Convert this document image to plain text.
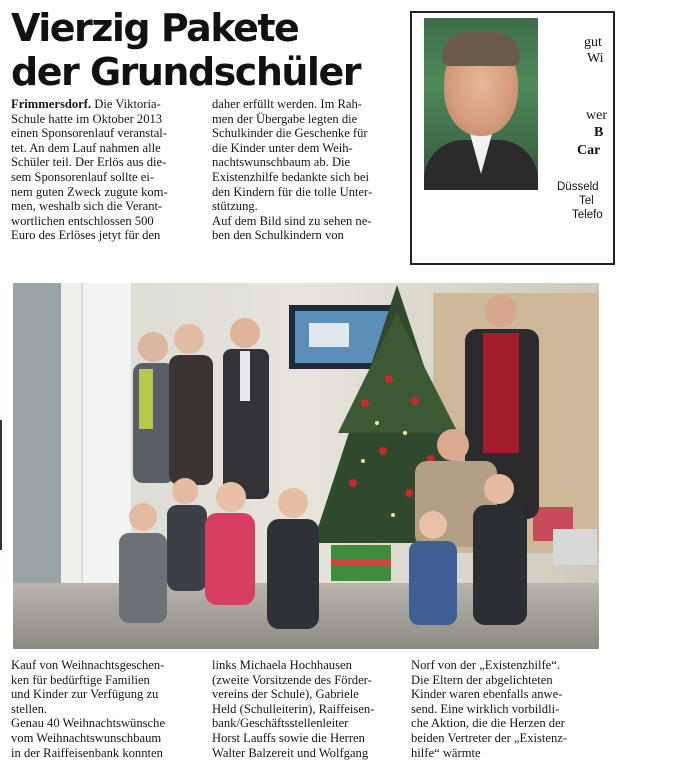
Vierzig Pakete
der Grundschüler
Frimmersdorf. Die Viktoria-
Schule hatte im Oktober 2013
einen Sponsorenlauf veranstal-
tet. An dem Lauf nahmen alle
Schüler teil. Der Erlös aus die-
sem Sponsorenlauf sollte ei-
nem guten Zweck zugute kom-
men, weshalb sich die Verant-
wortlichen entschlossen 500
Euro des Erlöses jetyt für den
daher erfüllt werden. Im Rah-
men der Übergabe legten die
Schulkinder die Geschenke für
die Kinder unter dem Weih-
nachtswunschbaum ab. Die
Existenzhilfe bedankte sich bei
den Kindern für die tolle Unter-
stützung.
Auf dem Bild sind zu sehen ne-
ben den Schulkindern von
gut
Wi
wer
B
Car
Düsseld
Tel
Telefo
Kauf von Weihnachtsgeschen-
ken für bedürftige Familien
und Kinder zur Verfügung zu
stellen.
Genau 40 Weihnachtswünsche
vom Weihnachtswunschbaum
in der Raiffeisenbank konnten
links Michaela Hochhausen
(zweite Vorsitzende des Förder-
vereins der Schule), Gabriele
Held (Schulleiterin), Raiffeisen-
bank/Geschäftsstellenleiter
Horst Lauffs sowie die Herren
Walter Balzereit und Wolfgang
Norf von der „Existenzhilfe“.
Die Eltern der abgelichteten
Kinder waren ebenfalls anwe-
send. Eine wirklich vorbildli-
che Aktion, die die Herzen der
beiden Vertreter der „Existenz-
hilfe“ wärmte
